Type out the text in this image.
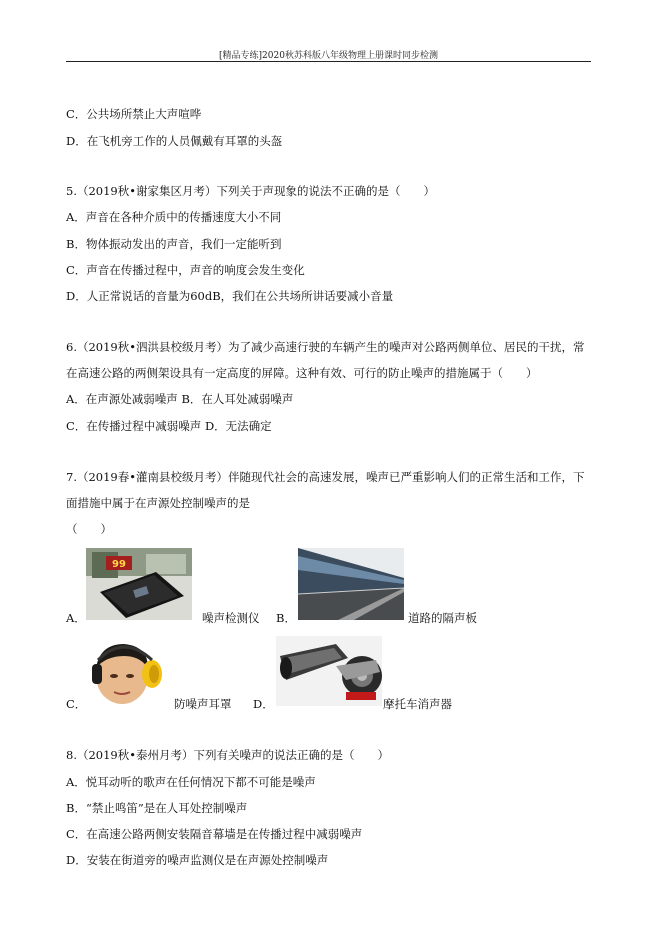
[精品专练]2020秋苏科版八年级物理上册课时同步检测
C．公共场所禁止大声喧哗
D．在飞机旁工作的人员佩戴有耳罩的头盔
5.（2019秋•谢家集区月考）下列关于声现象的说法不正确的是（　　）
A．声音在各种介质中的传播速度大小不同
B．物体振动发出的声音，我们一定能听到
C．声音在传播过程中，声音的响度会发生变化
D．人正常说话的音量为60dB，我们在公共场所讲话要减小音量
6.（2019秋•泗洪县校级月考）为了减少高速行驶的车辆产生的噪声对公路两侧单位、居民的干扰，常
在高速公路的两侧架设具有一定高度的屏障。这种有效、可行的防止噪声的措施属于（　　）
A．在声源处减弱噪声 B．在人耳处减弱噪声
C．在传播过程中减弱噪声 D．无法确定
7.（2019春•灌南县校级月考）伴随现代社会的高速发展，噪声已严重影响人们的正常生活和工作，下
面措施中属于在声源处控制噪声的是
（　　）
99
A．	噪声检测仪 B．	道路的隔声板
C．	防噪声耳罩 D．	摩托车消声器
8.（2019秋•泰州月考）下列有关噪声的说法正确的是（　　）
A．悦耳动听的歌声在任何情况下都不可能是噪声
B．“禁止鸣笛”是在人耳处控制噪声
C．在高速公路两侧安装隔音幕墙是在传播过程中减弱噪声
D．安装在街道旁的噪声监测仪是在声源处控制噪声
